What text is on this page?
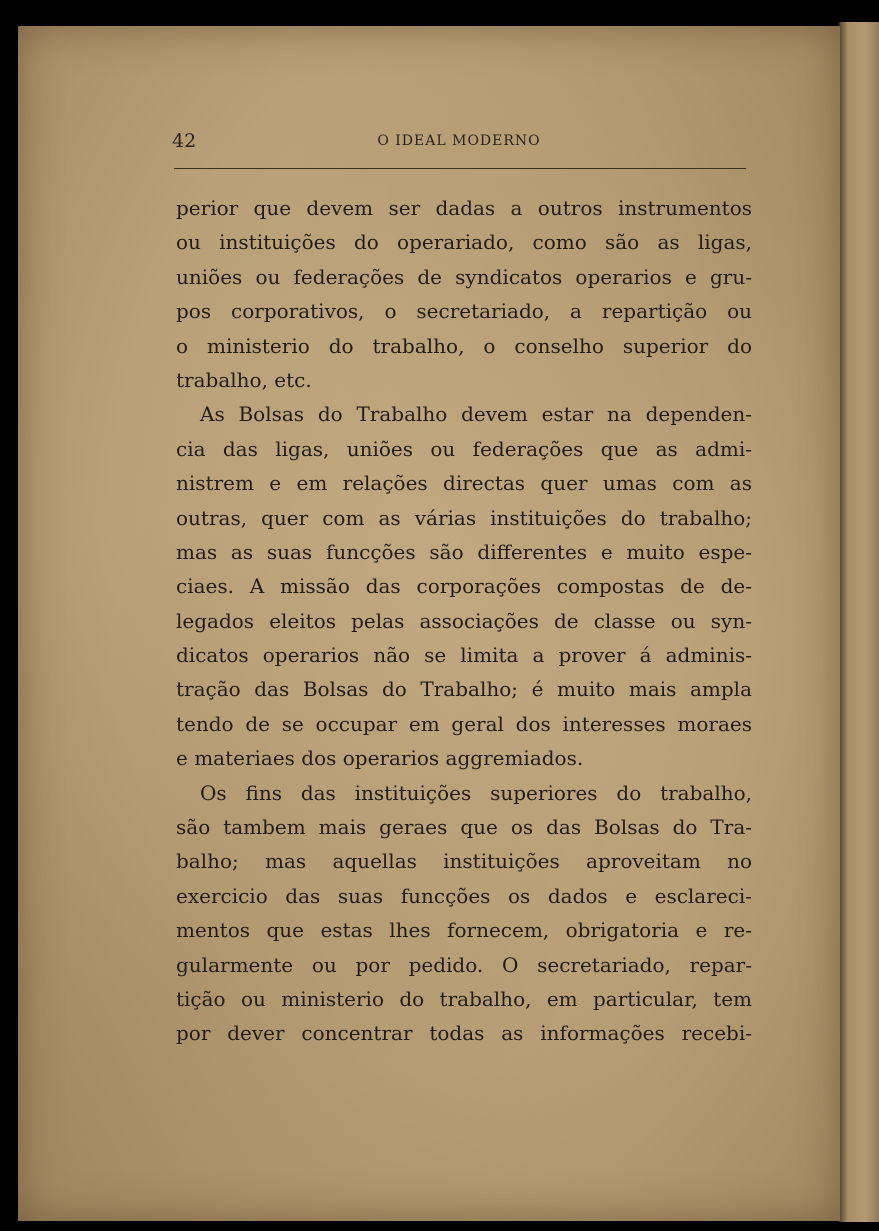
42	O IDEAL MODERNO
perior que devem ser dadas a outros instrumentos
ou instituições do operariado, como são as ligas,
uniões ou federações de syndicatos operarios e gru-
pos corporativos, o secretariado, a repartição ou
o ministerio do trabalho, o conselho superior do
trabalho, etc.
As Bolsas do Trabalho devem estar na dependen-
cia das ligas, uniões ou federações que as admi-
nistrem e em relações directas quer umas com as
outras, quer com as várias instituições do trabalho;
mas as suas funcções são differentes e muito espe-
ciaes. A missão das corporações compostas de de-
legados eleitos pelas associações de classe ou syn-
dicatos operarios não se limita a prover á adminis-
tração das Bolsas do Trabalho; é muito mais ampla
tendo de se occupar em geral dos interesses moraes
e materiaes dos operarios aggremiados.
Os fins das instituições superiores do trabalho,
são tambem mais geraes que os das Bolsas do Tra-
balho; mas aquellas instituições aproveitam no
exercicio das suas funcções os dados e esclareci-
mentos que estas lhes fornecem, obrigatoria e re-
gularmente ou por pedido. O secretariado, repar-
tição ou ministerio do trabalho, em particular, tem
por dever concentrar todas as informações recebi-
